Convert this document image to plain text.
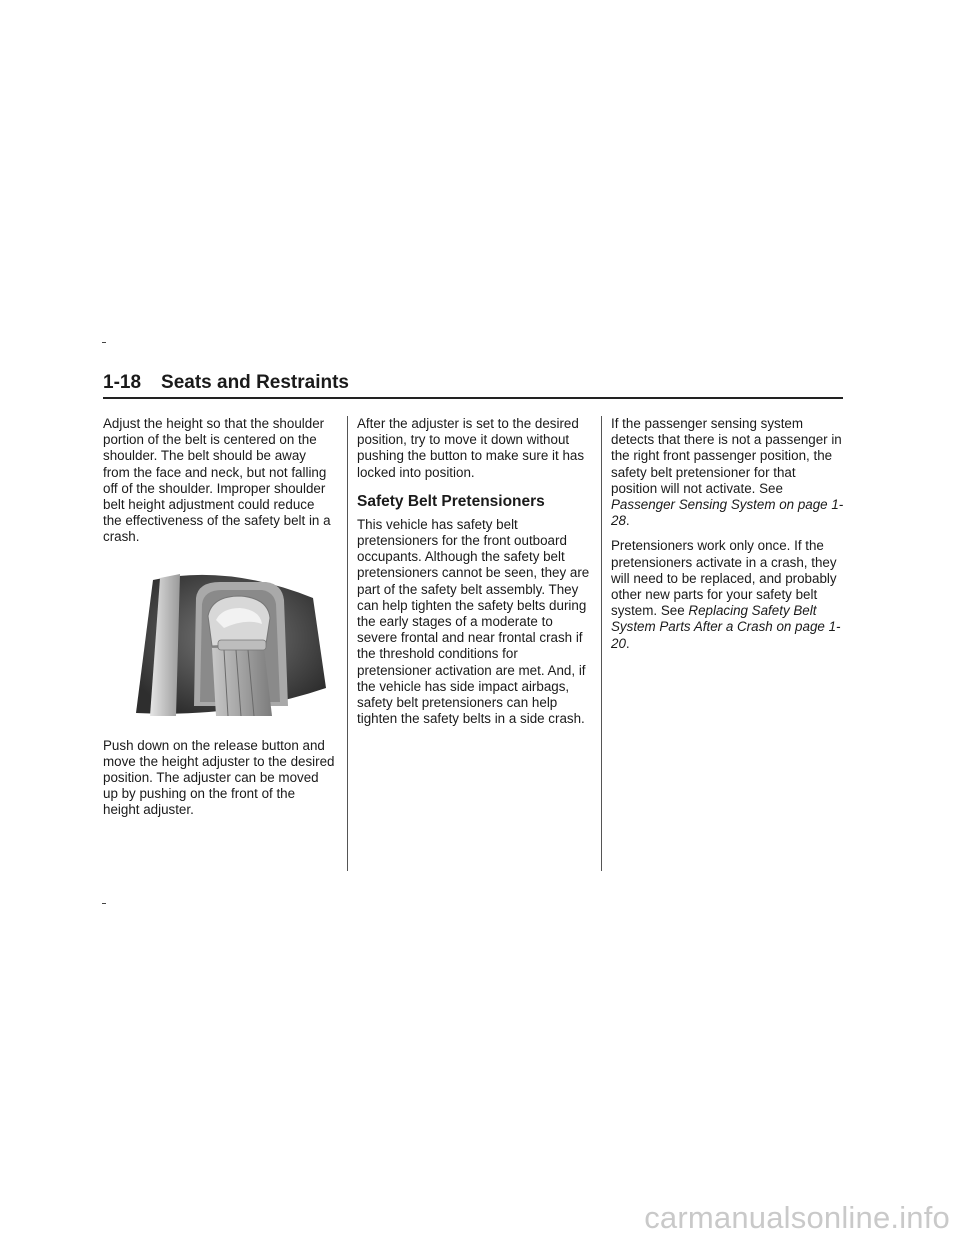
1-18 Seats and Restraints

Adjust the height so that the shoulder portion of the belt is centered on the shoulder. The belt should be away from the face and neck, but not falling off of the shoulder. Improper shoulder belt height adjustment could reduce the effectiveness of the safety belt in a crash.

Push down on the release button and move the height adjuster to the desired position. The adjuster can be moved up by pushing on the front of the height adjuster.

After the adjuster is set to the desired position, try to move it down without pushing the button to make sure it has locked into position.

Safety Belt Pretensioners

This vehicle has safety belt pretensioners for the front outboard occupants. Although the safety belt pretensioners cannot be seen, they are part of the safety belt assembly. They can help tighten the safety belts during the early stages of a moderate to severe frontal and near frontal crash if the threshold conditions for pretensioner activation are met. And, if the vehicle has side impact airbags, safety belt pretensioners can help tighten the safety belts in a side crash.

If the passenger sensing system detects that there is not a passenger in the right front passenger position, the safety belt pretensioner for that position will not activate. See Passenger Sensing System on page 1-28.

Pretensioners work only once. If the pretensioners activate in a crash, they will need to be replaced, and probably other new parts for your safety belt system. See Replacing Safety Belt System Parts After a Crash on page 1-20.

carmanualsonline.info
